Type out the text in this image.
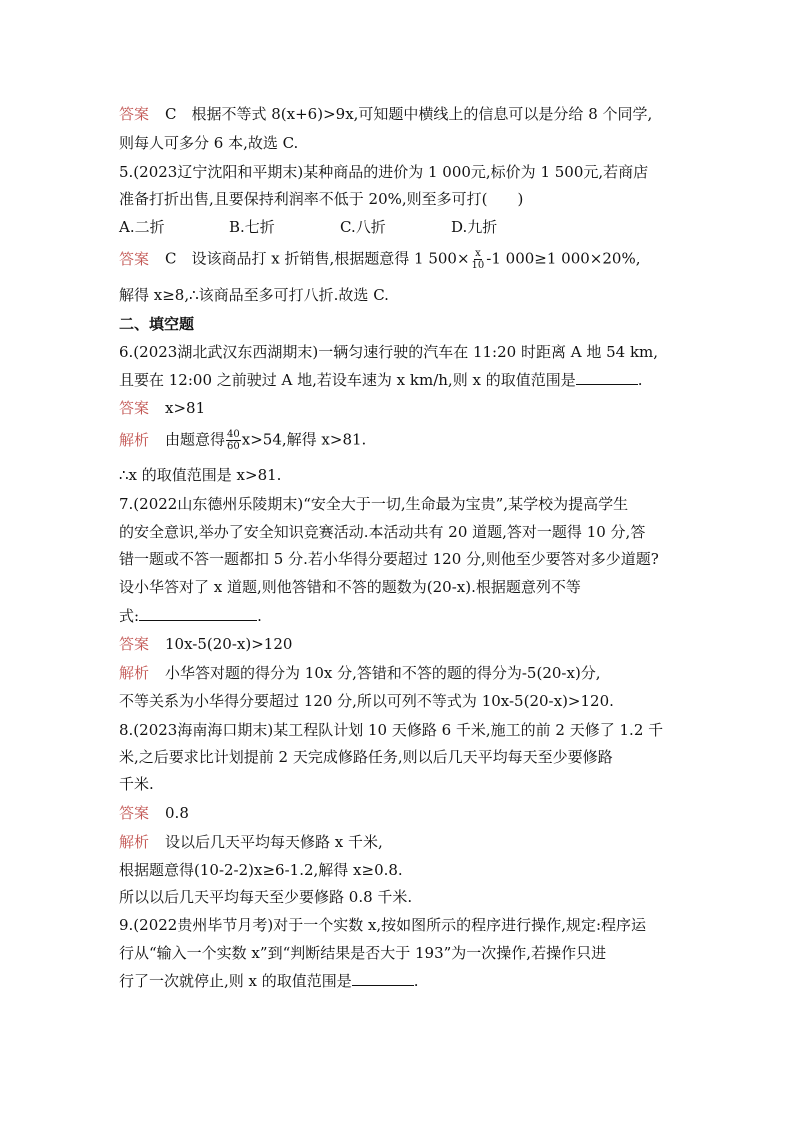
答案 C　根据不等式 8(x+6)>9x,可知题中横线上的信息可以是分给 8 个同学,
则每人可多分 6 本,故选 C.
5.(2023辽宁沈阳和平期末)某种商品的进价为 1 000元,标价为 1 500元,若商店
准备打折出售,且要保持利润率不低于 20%,则至多可打(　　)
A.二折	B.七折	C.八折	D.九折
答案 C　设该商品打 x 折销售,根据题意得 1 $500\times \frac{x}{10} -1$ 000≥1 000×20%,
解得 x≥8,∴该商品至多可打八折.故选 C.
二、填空题
6.(2023湖北武汉东西湖期末)一辆匀速行驶的汽车在 11:20 时距离 A 地 54 km,
且要在 12:00 之前驶过 A 地,若设车速为 x km/h,则 x 的取值范围是	.
答案 x>81
解析 由题意得 $\frac{40}{60} x>54$,解得 x>81.
∴x 的取值范围是 x>81.
7.(2022山东德州乐陵期末)“安全大于一切,生命最为宝贵”,某学校为提高学生
的安全意识,举办了安全知识竞赛活动.本活动共有 20 道题,答对一题得 10 分,答
错一题或不答一题都扣 5 分.若小华得分要超过 120 分,则他至少要答对多少道题?
设小华答对了 x 道题,则他答错和不答的题数为(20-x).根据题意列不等
式:	.
答案 10x-5(20-x)>120
解析 小华答对题的得分为 10x 分,答错和不答的题的得分为-5(20-x)分,
不等关系为小华得分要超过 120 分,所以可列不等式为 10x-5(20-x)>120.
8.(2023海南海口期末)某工程队计划 10 天修路 6 千米,施工的前 2 天修了 1.2 千
米,之后要求比计划提前 2 天完成修路任务,则以后几天平均每天至少要修路
千米.
答案 0.8
解析 设以后几天平均每天修路 x 千米,
根据题意得(10-2-2)x≥6-1.2,解得 x≥0.8.
所以以后几天平均每天至少要修路 0.8 千米.
9.(2022贵州毕节月考)对于一个实数 x,按如图所示的程序进行操作,规定:程序运
行从“输入一个实数 x”到“判断结果是否大于 193”为一次操作,若操作只进
行了一次就停止,则 x 的取值范围是	.
